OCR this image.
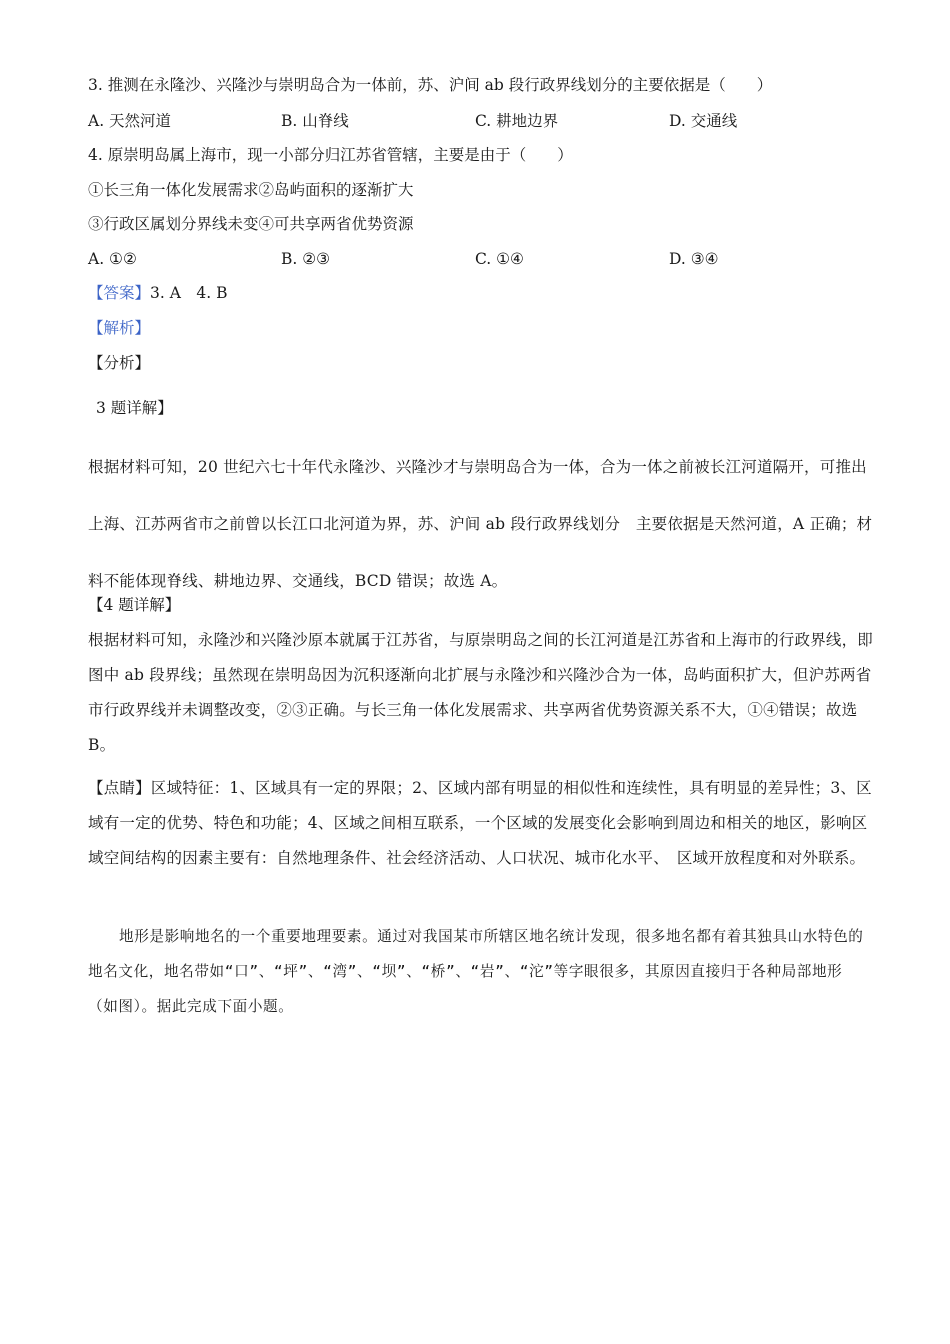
3. 推测在永隆沙、兴隆沙与崇明岛合为一体前，苏、沪间 ab 段行政界线划分的主要依据是（　　）
A. 天然河道	B. 山脊线	C. 耕地边界	D. 交通线
4. 原崇明岛属上海市，现一小部分归江苏省管辖，主要是由于（　　）
①长三角一体化发展需求②岛屿面积的逐渐扩大
③行政区属划分界线未变④可共享两省优势资源
A. ①②	B. ②③	C. ①④	D. ③④
【答案】3. A　4. B
【解析】
【分析】
3 题详解】
根据材料可知，20 世纪六七十年代永隆沙、兴隆沙才与崇明岛合为一体，合为一体之前被长江河道隔开，可推出上海、江苏两省市之前曾以长江口北河道为界，苏、沪间 ab 段行政界线划分　主要依据是天然河道，A 正确；材料不能体现脊线、耕地边界、交通线，BCD 错误；故选 A。
【4 题详解】
根据材料可知，永隆沙和兴隆沙原本就属于江苏省，与原崇明岛之间的长江河道是江苏省和上海市的行政界线，即图中 ab 段界线；虽然现在崇明岛因为沉积逐渐向北扩展与永隆沙和兴隆沙合为一体，岛屿面积扩大，但沪苏两省市行政界线并未调整改变，②③正确。与长三角一体化发展需求、共享两省优势资源关系不大，①④错误；故选 B。
【点睛】区域特征：1、区域具有一定的界限；2、区域内部有明显的相似性和连续性，具有明显的差异性；3、区域有一定的优势、特色和功能；4、区域之间相互联系，一个区域的发展变化会影响到周边和相关的地区，影响区域空间结构的因素主要有：自然地理条件、社会经济活动、人口状况、城市化水平、　区域开放程度和对外联系。
地形是影响地名的一个重要地理要素。通过对我国某市所辖区地名统计发现，很多地名都有着其独具山水特色的地名文化，地名带如“口”、“坪”、“湾”、“坝”、“桥”、“岩”、“沱”等字眼很多，其原因直接归于各种局部地形（如图）。据此完成下面小题。
